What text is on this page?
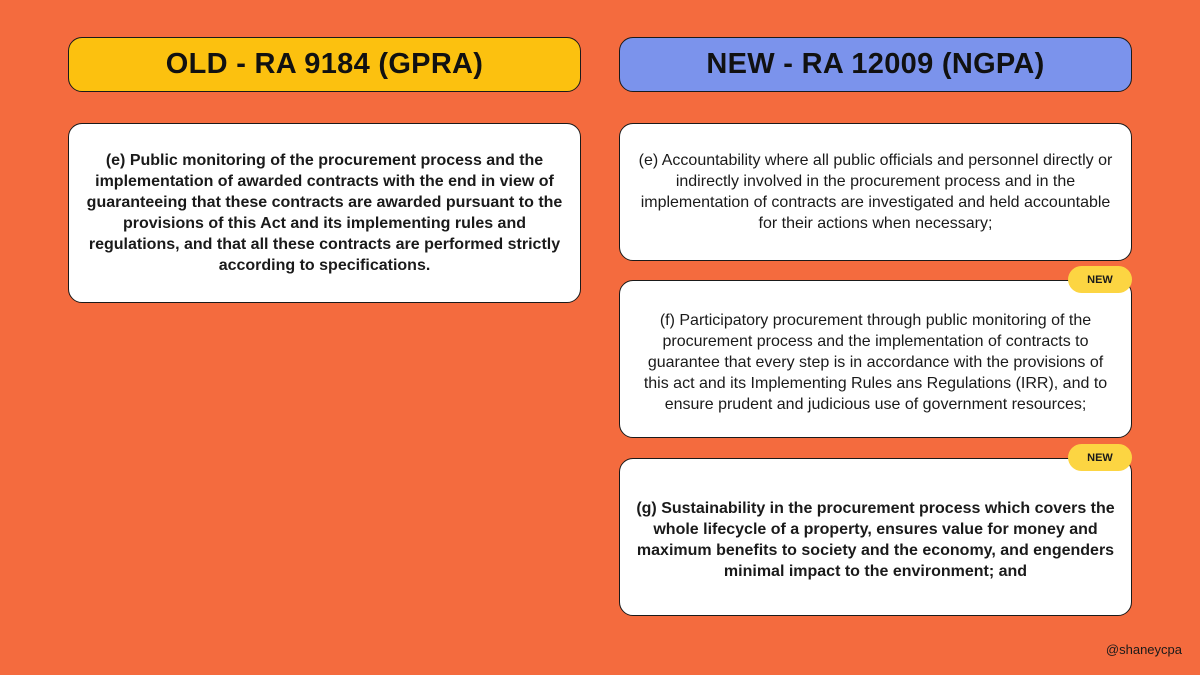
OLD - RA 9184 (GPRA)	NEW - RA 12009 (NGPA)
(e) Public monitoring of the procurement process and the implementation of awarded contracts with the end in view of guaranteeing that these contracts are awarded pursuant to the provisions of this Act and its implementing rules and regulations, and that all these contracts are performed strictly according to specifications.
(e) Accountability where all public officials and personnel directly or indirectly involved in the procurement process and in the implementation of contracts are investigated and held accountable for their actions when necessary;
(f) Participatory procurement through public monitoring of the procurement process and the implementation of contracts to guarantee that every step is in accordance with the provisions of this act and its Implementing Rules ans Regulations (IRR), and to ensure prudent and judicious use of government resources;
NEW
(g) Sustainability in the procurement process which covers the whole lifecycle of a property, ensures value for money and maximum benefits to society and the economy, and engenders minimal impact to the environment; and
NEW
@shaneycpa
